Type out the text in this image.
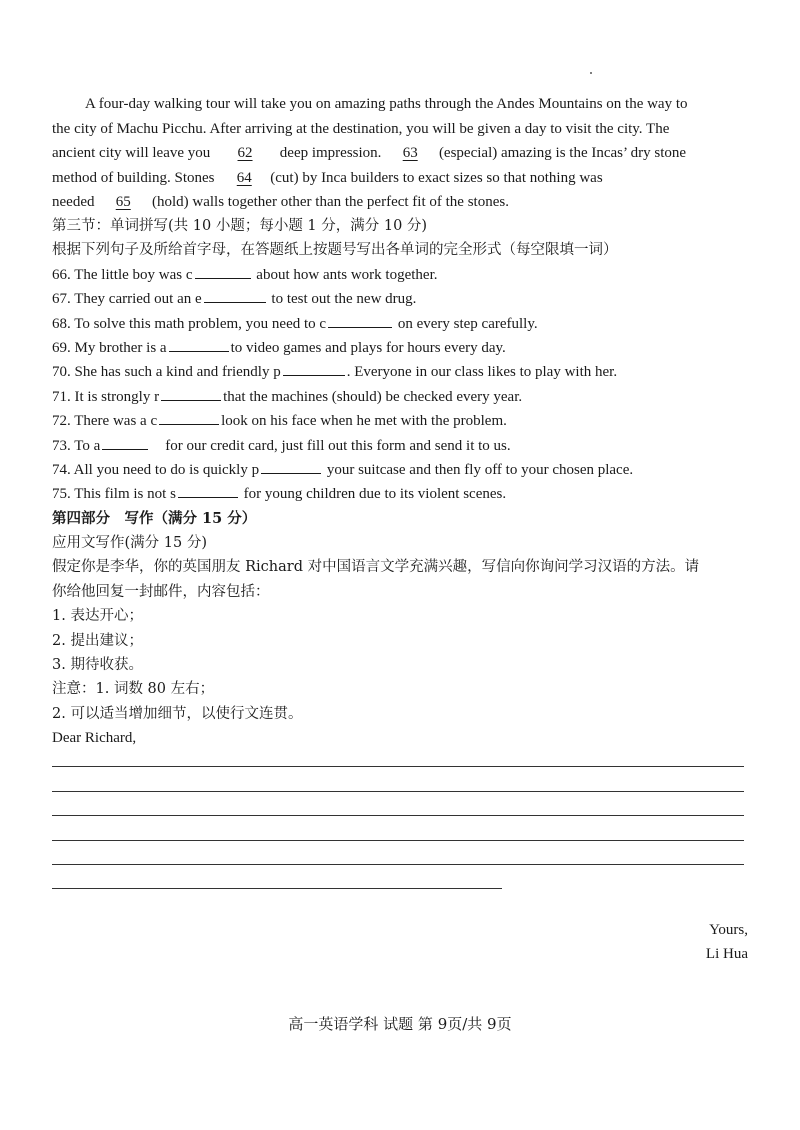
A four-day walking tour will take you on amazing paths through the Andes Mountains on the way to
the city of Machu Picchu. After arriving at the destination, you will be given a day to visit the city. The
ancient city will leave you 62 deep impression. 63 (especial) amazing is the Incas’ dry stone
method of building. Stones 64 (cut) by Inca builders to exact sizes so that nothing was
needed 65 (hold) walls together other than the perfect fit of the stones.
第三节：单词拼写(共 10 小题；每小题 1 分，满分 10 分)
根据下列句子及所给首字母，在答题纸上按题号写出各单词的完全形式（每空限填一词）
66. The little boy was c	about how ants work together.
67. They carried out an e	to test out the new drug.
68. To solve this math problem, you need to c	on every step carefully.
69. My brother is a	to video games and plays for hours every day.
70. She has such a kind and friendly p	. Everyone in our class likes to play with her.
71. It is strongly r	that the machines (should) be checked every year.
72. There was a c	look on his face when he met with the problem.
73. To a	for our credit card, just fill out this form and send it to us.
74. All you need to do is quickly p	your suitcase and then fly off to your chosen place.
75. This film is not s	for young children due to its violent scenes.
第四部分　写作（满分 15 分）
应用文写作(满分 15 分)
假定你是李华，你的英国朋友 Richard 对中国语言文学充满兴趣，写信向你询问学习汉语的方法。请
你给他回复一封邮件，内容包括：
1. 表达开心；
2. 提出建议；
3. 期待收获。
注意：1. 词数 80 左右；
2. 可以适当增加细节，以使行文连贯。
Dear Richard,
Yours,
Li Hua
高一英语学科 试题 第 9页/共 9页
